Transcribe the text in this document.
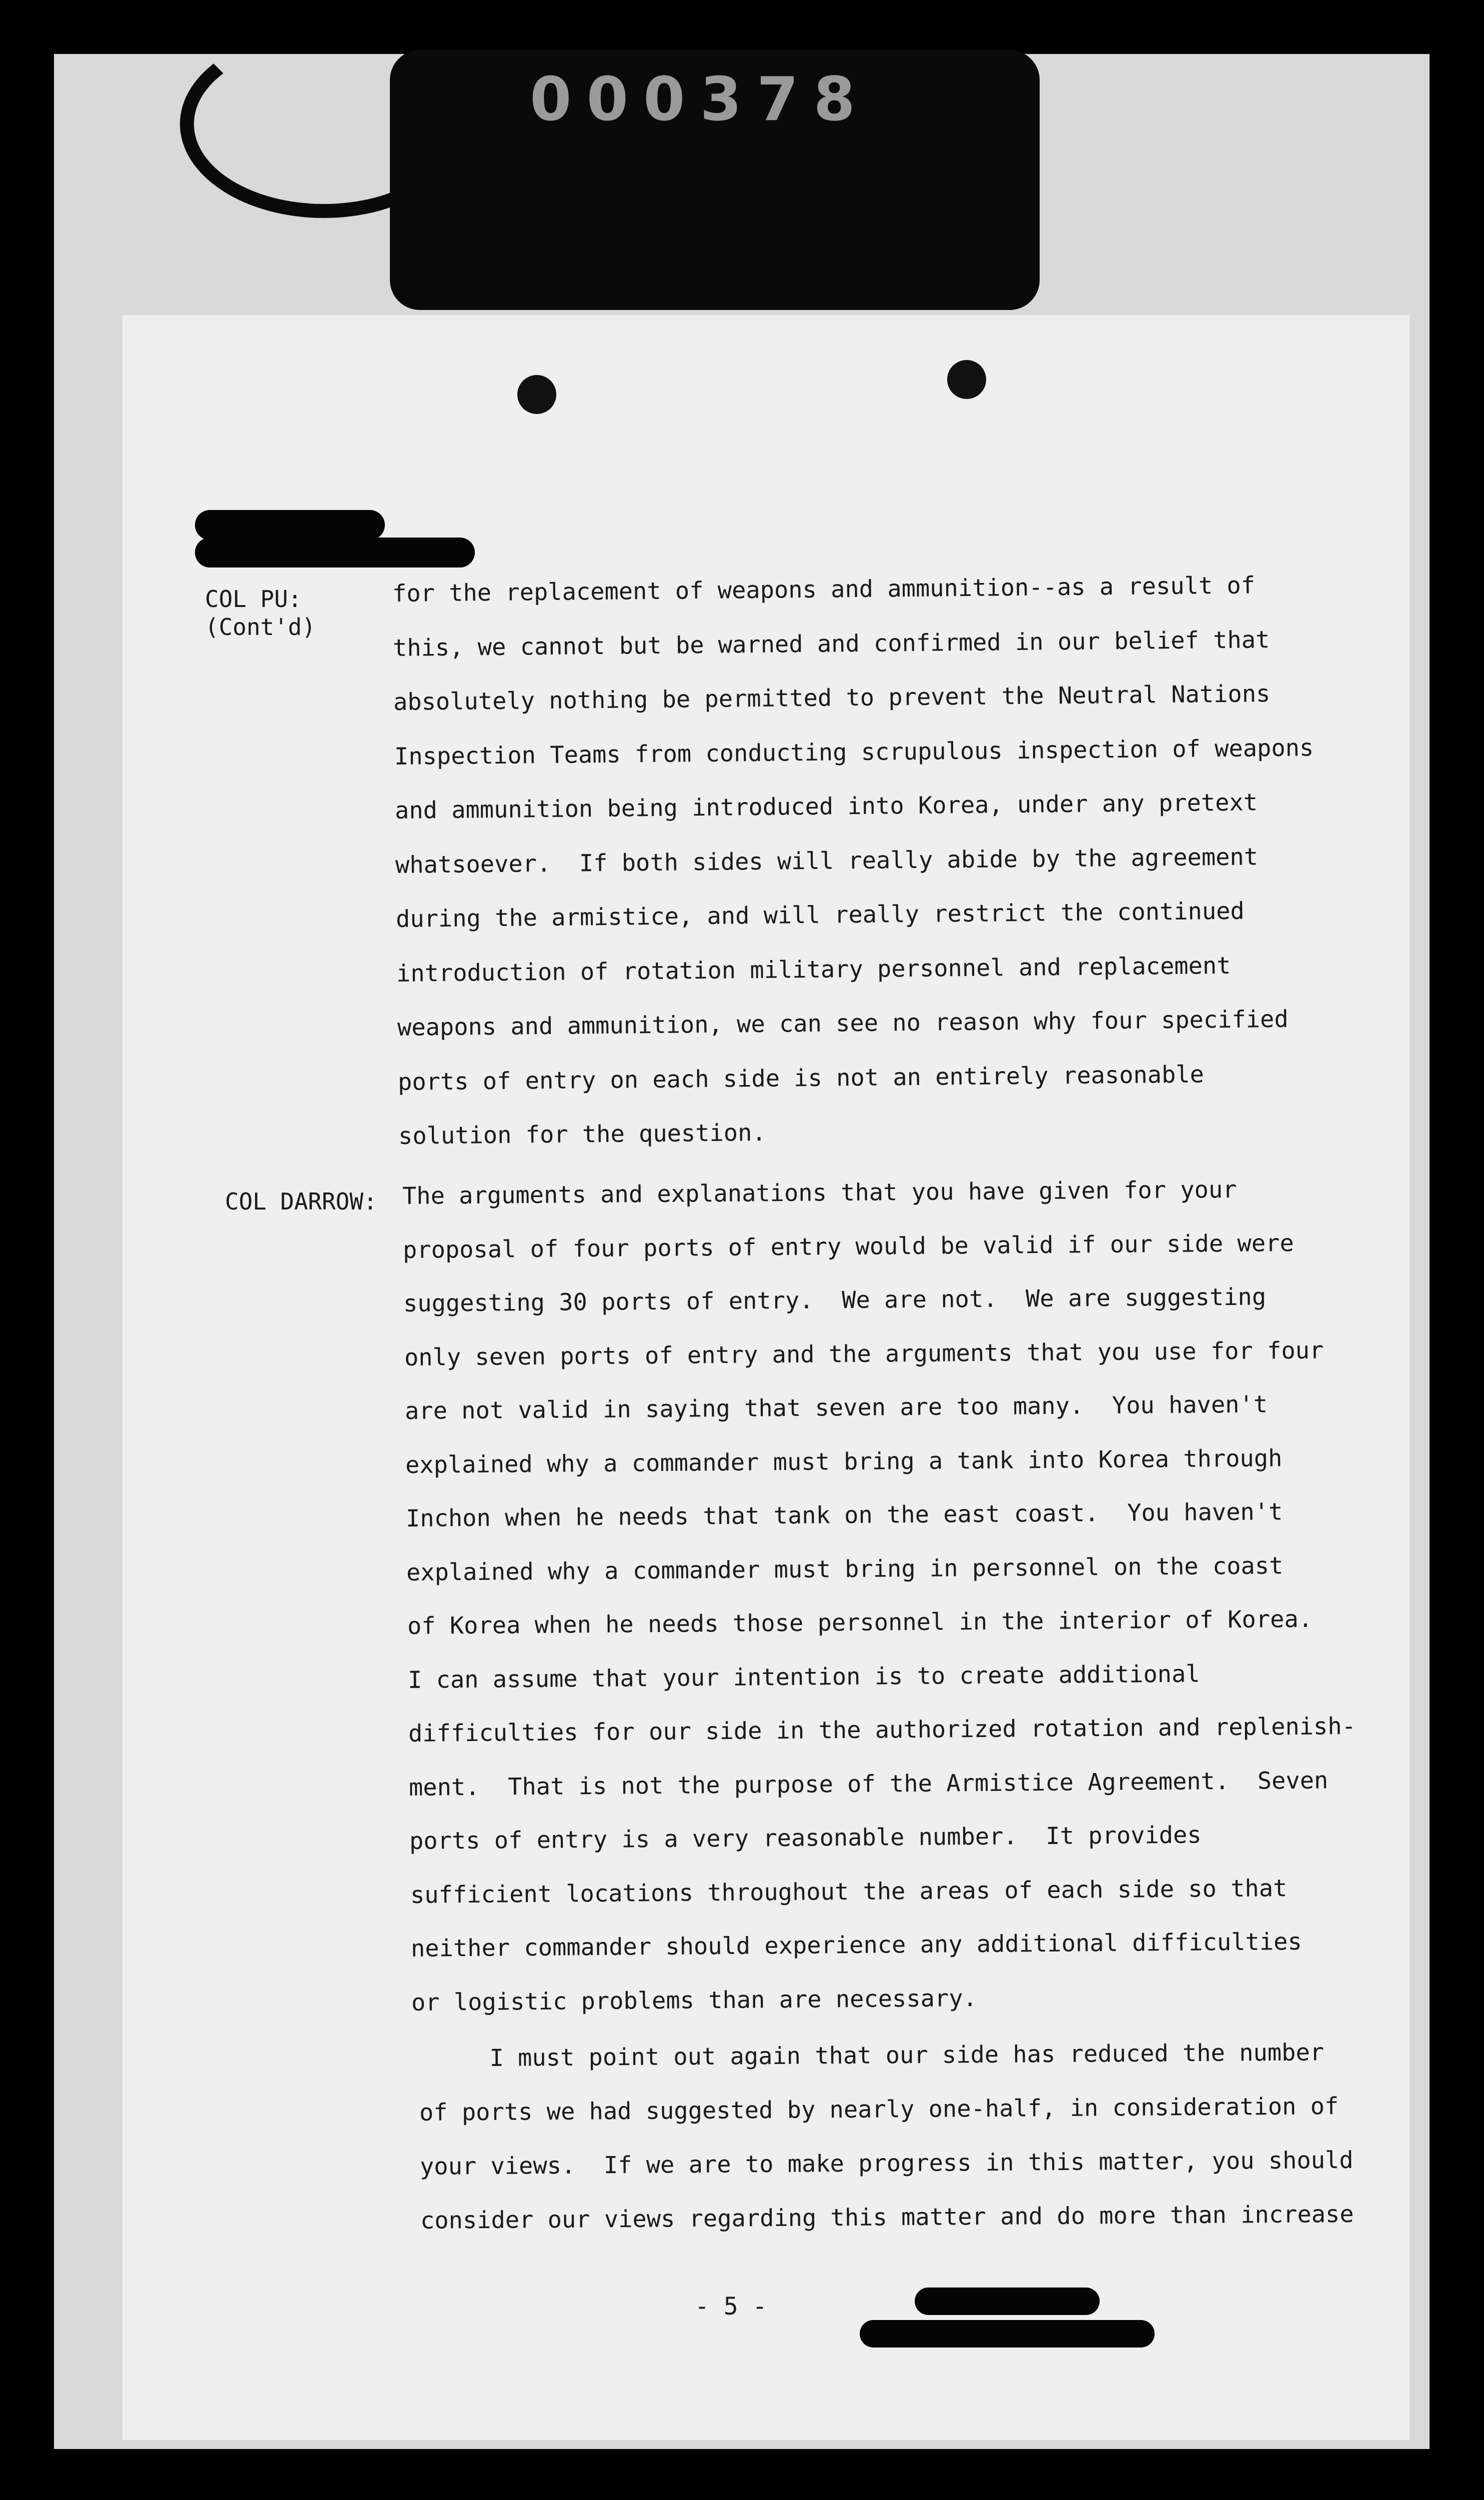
000378
COL PU:
(Cont'd)
COL DARROW:
for the replacement of weapons and ammunition--as a result of
this, we cannot but be warned and confirmed in our belief that
absolutely nothing be permitted to prevent the Neutral Nations
Inspection Teams from conducting scrupulous inspection of weapons
and ammunition being introduced into Korea, under any pretext
whatsoever.  If both sides will really abide by the agreement
during the armistice, and will really restrict the continued
introduction of rotation military personnel and replacement
weapons and ammunition, we can see no reason why four specified
ports of entry on each side is not an entirely reasonable
solution for the question.
The arguments and explanations that you have given for your
proposal of four ports of entry would be valid if our side were
suggesting 30 ports of entry.  We are not.  We are suggesting
only seven ports of entry and the arguments that you use for four
are not valid in saying that seven are too many.  You haven't
explained why a commander must bring a tank into Korea through
Inchon when he needs that tank on the east coast.  You haven't
explained why a commander must bring in personnel on the coast
of Korea when he needs those personnel in the interior of Korea.
I can assume that your intention is to create additional
difficulties for our side in the authorized rotation and replenish-
ment.  That is not the purpose of the Armistice Agreement.  Seven
ports of entry is a very reasonable number.  It provides
sufficient locations throughout the areas of each side so that
neither commander should experience any additional difficulties
or logistic problems than are necessary.
I must point out again that our side has reduced the number
of ports we had suggested by nearly one-half, in consideration of
your views.  If we are to make progress in this matter, you should
consider our views regarding this matter and do more than increase
- 5 -
